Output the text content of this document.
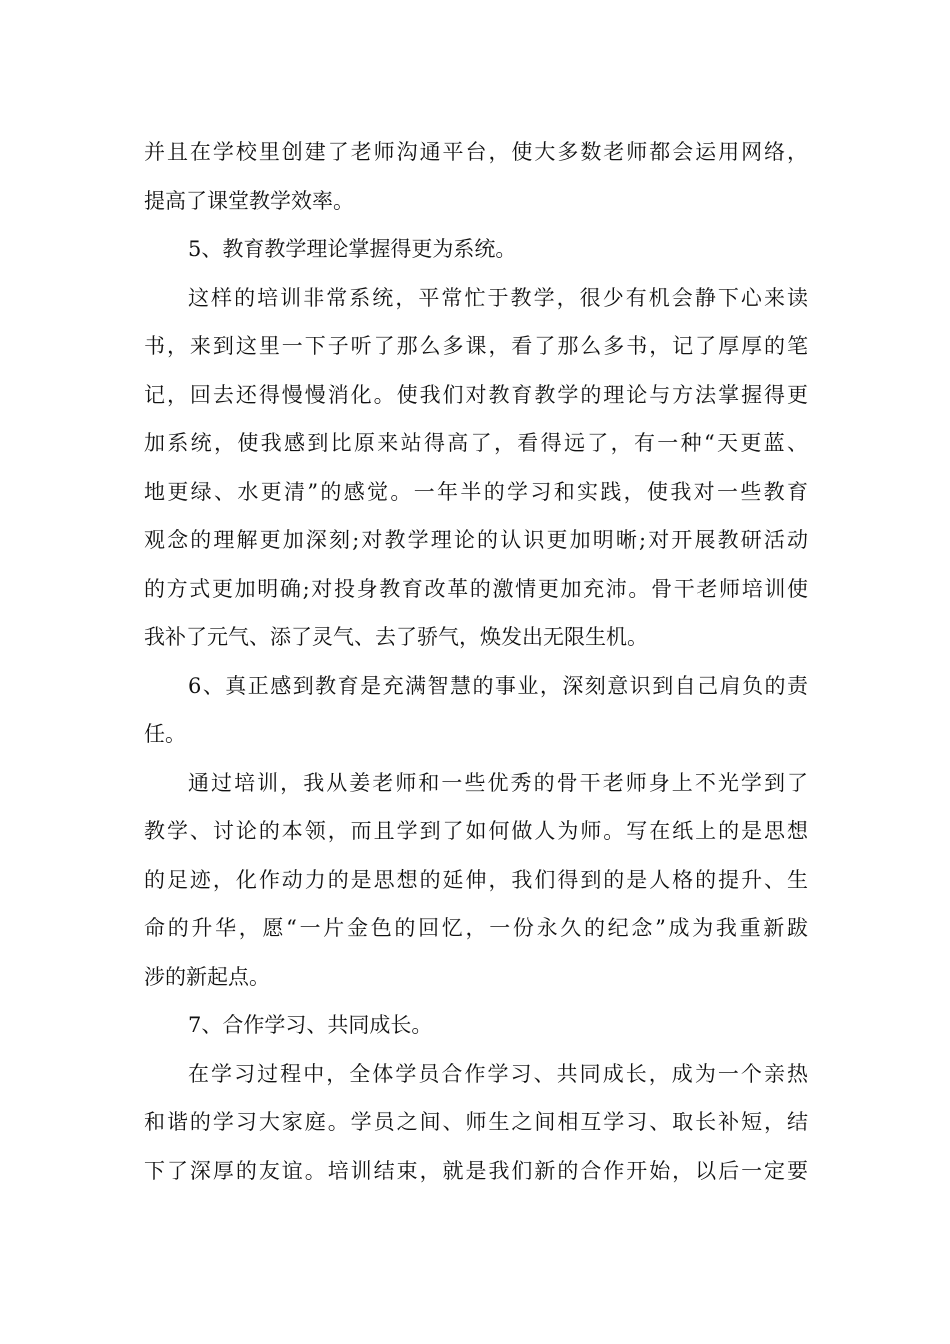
并且在学校里创建了老师沟通平台，使大多数老师都会运用网络，
提高了课堂教学效率。
5、教育教学理论掌握得更为系统。
这样的培训非常系统，平常忙于教学，很少有机会静下心来读
书，来到这里一下子听了那么多课，看了那么多书，记了厚厚的笔
记，回去还得慢慢消化。使我们对教育教学的理论与方法掌握得更
加系统，使我感到比原来站得高了，看得远了，有一种“天更蓝、
地更绿、水更清”的感觉。一年半的学习和实践，使我对一些教育
观念的理解更加深刻;对教学理论的认识更加明晰;对开展教研活动
的方式更加明确;对投身教育改革的激情更加充沛。骨干老师培训使
我补了元气、添了灵气、去了骄气，焕发出无限生机。
6、真正感到教育是充满智慧的事业，深刻意识到自己肩负的责
任。
通过培训，我从姜老师和一些优秀的骨干老师身上不光学到了
教学、讨论的本领，而且学到了如何做人为师。写在纸上的是思想
的足迹，化作动力的是思想的延伸，我们得到的是人格的提升、生
命的升华，愿“一片金色的回忆，一份永久的纪念”成为我重新跋
涉的新起点。
7、合作学习、共同成长。
在学习过程中，全体学员合作学习、共同成长，成为一个亲热
和谐的学习大家庭。学员之间、师生之间相互学习、取长补短，结
下了深厚的友谊。培训结束，就是我们新的合作开始，以后一定要
